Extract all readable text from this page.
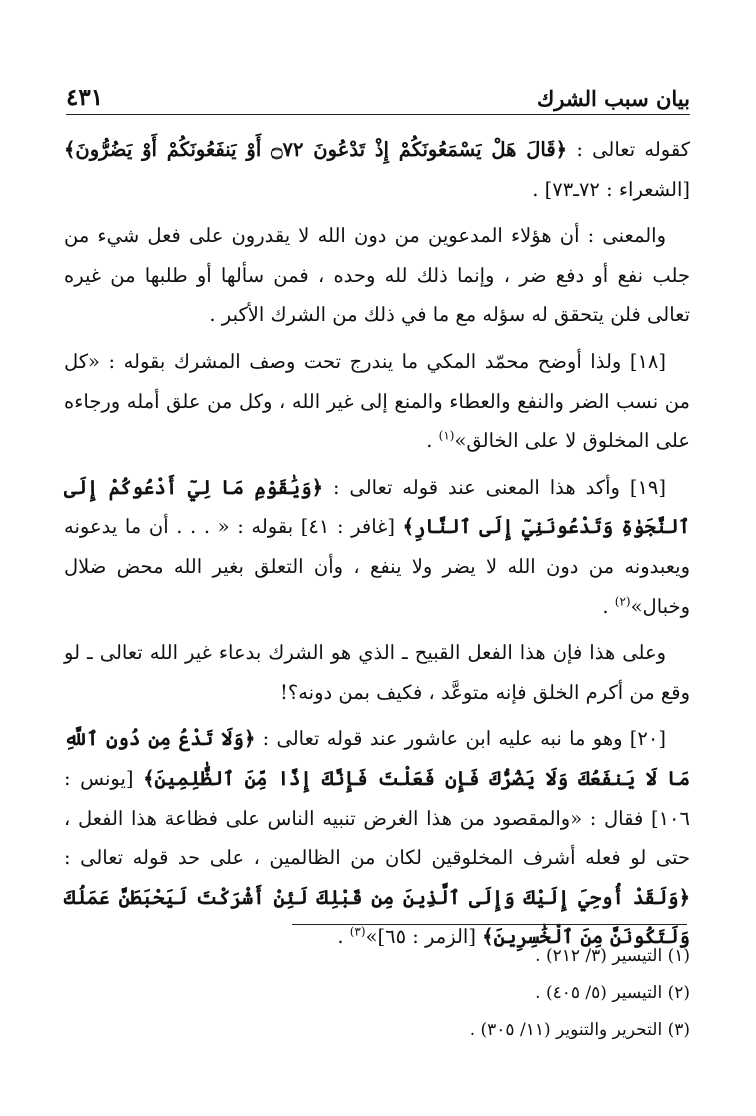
بيان سبب الشرك
٤٣١

كقوله تعالى : ﴿قَالَ هَلْ يَسْمَعُونَكُمْ إِذْ تَدْعُونَ ۝٧٢ أَوْ يَنفَعُونَكُمْ أَوْ يَضُرُّونَ﴾ [الشعراء : ٧٢ـ٧٣] .

والمعنى : أن هؤلاء المدعوين من دون الله لا يقدرون على فعل شيء من جلب نفع أو دفع ضر ، وإنما ذلك لله وحده ، فمن سألها أو طلبها من غيره تعالى فلن يتحقق له سؤله مع ما في ذلك من الشرك الأكبر .

[١٨] ولذا أوضح محمّد المكي ما يندرج تحت وصف المشرك بقوله : «كل من نسب الضر والنفع والعطاء والمنع إلى غير الله ، وكل من علق أمله ورجاءه على المخلوق لا على الخالق»$^{(١)}$ .

[١٩] وأكد هذا المعنى عند قوله تعالى : ﴿وَيَٰقَوْمِ مَا لِيٓ أَدْعُوكُمْ إِلَى ٱلنَّجَوٰةِ وَتَدْعُونَنِيٓ إِلَى ٱلنَّارِ﴾ [غافر : ٤١] بقوله : « . . . أن ما يدعونه ويعبدونه من دون الله لا يضر ولا ينفع ، وأن التعلق بغير الله محض ضلال وخبال»$^{(٢)}$ .

وعلى هذا فإن هذا الفعل القبيح ـ الذي هو الشرك بدعاء غير الله تعالى ـ لو وقع من أكرم الخلق فإنه متوعَّد ، فكيف بمن دونه؟!

[٢٠] وهو ما نبه عليه ابن عاشور عند قوله تعالى : ﴿وَلَا تَدْعُ مِن دُونِ ٱللَّهِ مَا لَا يَنفَعُكَ وَلَا يَضُرُّكَ فَإِن فَعَلْتَ فَإِنَّكَ إِذًا مِّنَ ٱلظَّٰلِمِينَ﴾ [يونس : ١٠٦] فقال : «والمقصود من هذا الغرض تنبيه الناس على فظاعة هذا الفعل ، حتى لو فعله أشرف المخلوقين لكان من الظالمين ، على حد قوله تعالى : ﴿وَلَقَدْ أُوحِيَ إِلَيْكَ وَإِلَى ٱلَّذِينَ مِن قَبْلِكَ لَئِنْ أَشْرَكْتَ لَيَحْبَطَنَّ عَمَلُكَ وَلَتَكُونَنَّ مِنَ ٱلْخَٰسِرِينَ﴾ [الزمر : ٦٥]»$^{(٣)}$ .

(١) التيسير (٣/ ٢١٢) .

(٢) التيسير (٥/ ٤٠٥) .

(٣) التحرير والتنوير (١١/ ٣٠٥) .
